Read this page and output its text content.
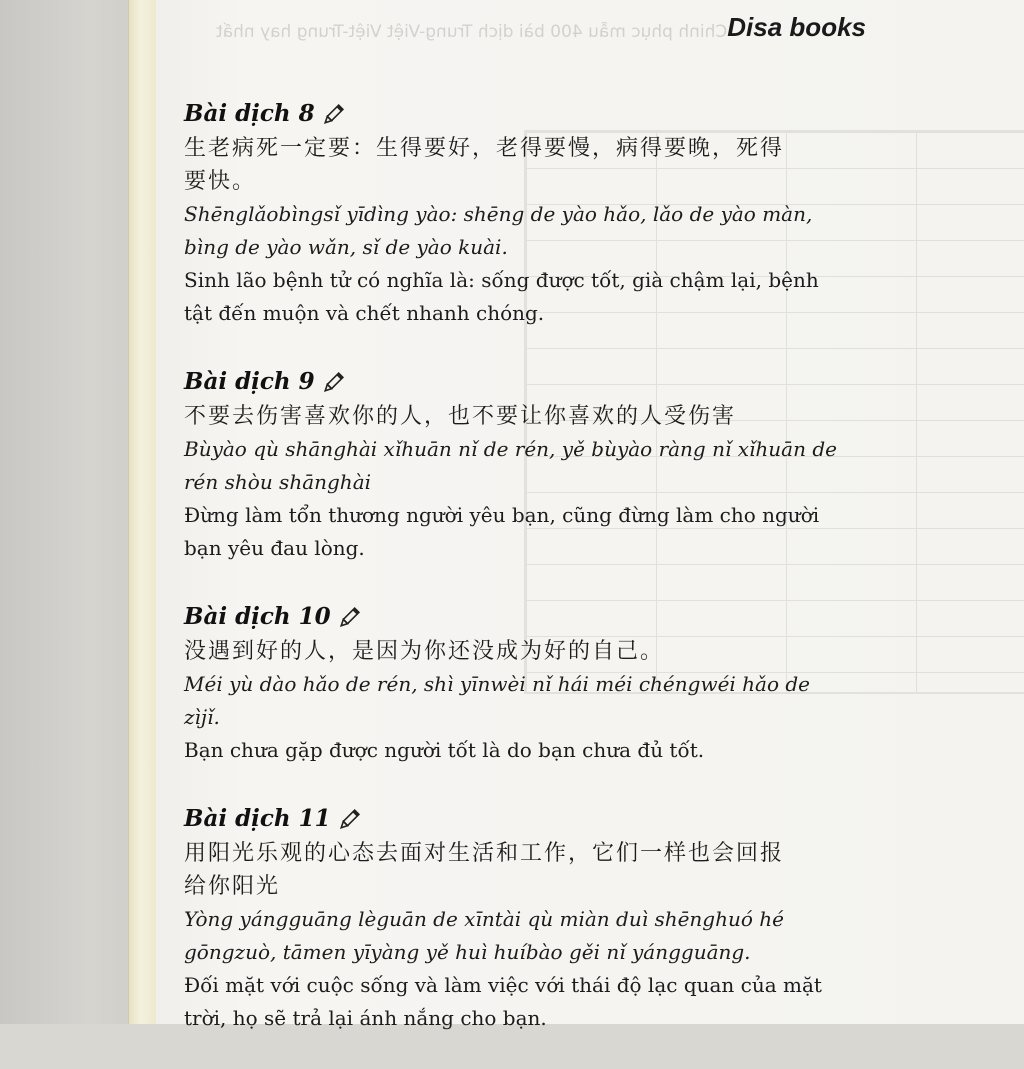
Chinh phục mẫu 400 bài dịch Trung-Việt Việt-Trung hay nhất Disa books
Bài dịch 8

生老病死一定要：生得要好，老得要慢，病得要晚，死得

要快。

Shēnglǎobìngsǐ yīdìng yào: shēng de yào hǎo, lǎo de yào màn,

bìng de yào wǎn, sǐ de yào kuài.

Sinh lão bệnh tử có nghĩa là: sống được tốt, già chậm lại, bệnh

tật đến muộn và chết nhanh chóng.

Bài dịch 9

不要去伤害喜欢你的人，也不要让你喜欢的人受伤害

Bùyào qù shānghài xǐhuān nǐ de rén, yě bùyào ràng nǐ xǐhuān de

rén shòu shānghài

Đừng làm tổn thương người yêu bạn, cũng đừng làm cho người

bạn yêu đau lòng.

Bài dịch 10

没遇到好的人，是因为你还没成为好的自己。

Méi yù dào hǎo de rén, shì yīnwèi nǐ hái méi chéngwéi hǎo de

zìjǐ.

Bạn chưa gặp được người tốt là do bạn chưa đủ tốt.

Bài dịch 11

用阳光乐观的心态去面对生活和工作，它们一样也会回报

给你阳光

Yòng yángguāng lèguān de xīntài qù miàn duì shēnghuó hé

gōngzuò, tāmen yīyàng yě huì huíbào gěi nǐ yángguāng.

Đối mặt với cuộc sống và làm việc với thái độ lạc quan của mặt

trời, họ sẽ trả lại ánh nắng cho bạn.
